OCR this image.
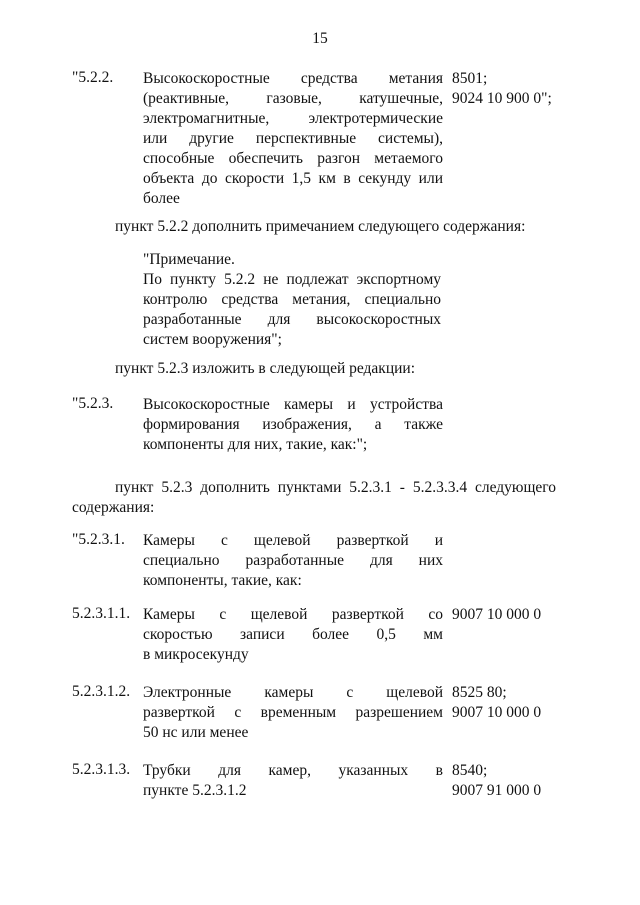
15
"5.2.2. Высокоскоростные средства метания
(реактивные, газовые, катушечные,
электромагнитные, электротермические
или другие перспективные системы),
способные обеспечить разгон метаемого
объекта до скорости 1,5 км в секунду или
более
8501;
9024 10 900 0";
пункт 5.2.2 дополнить примечанием следующего содержания:
"Примечание.
По пункту 5.2.2 не подлежат экспортному
контролю средства метания, специально
разработанные для высокоскоростных
систем вооружения";
пункт 5.2.3 изложить в следующей редакции:
"5.2.3. Высокоскоростные камеры и устройства
формирования изображения, а также
компоненты для них, такие, как:";
пункт 5.2.3 дополнить пунктами 5.2.3.1 - 5.2.3.3.4 следующего
содержания:
"5.2.3.1. Камеры с щелевой разверткой и
специально разработанные для них
компоненты, такие, как:
5.2.3.1.1. Камеры с щелевой разверткой со
скоростью записи более 0,5 мм
в микросекунду
9007 10 000 0
5.2.3.1.2. Электронные камеры с щелевой
разверткой с временным разрешением
50 нс или менее
8525 80;
9007 10 000 0
5.2.3.1.3. Трубки для камер, указанных в
пункте 5.2.3.1.2
8540;
9007 91 000 0
